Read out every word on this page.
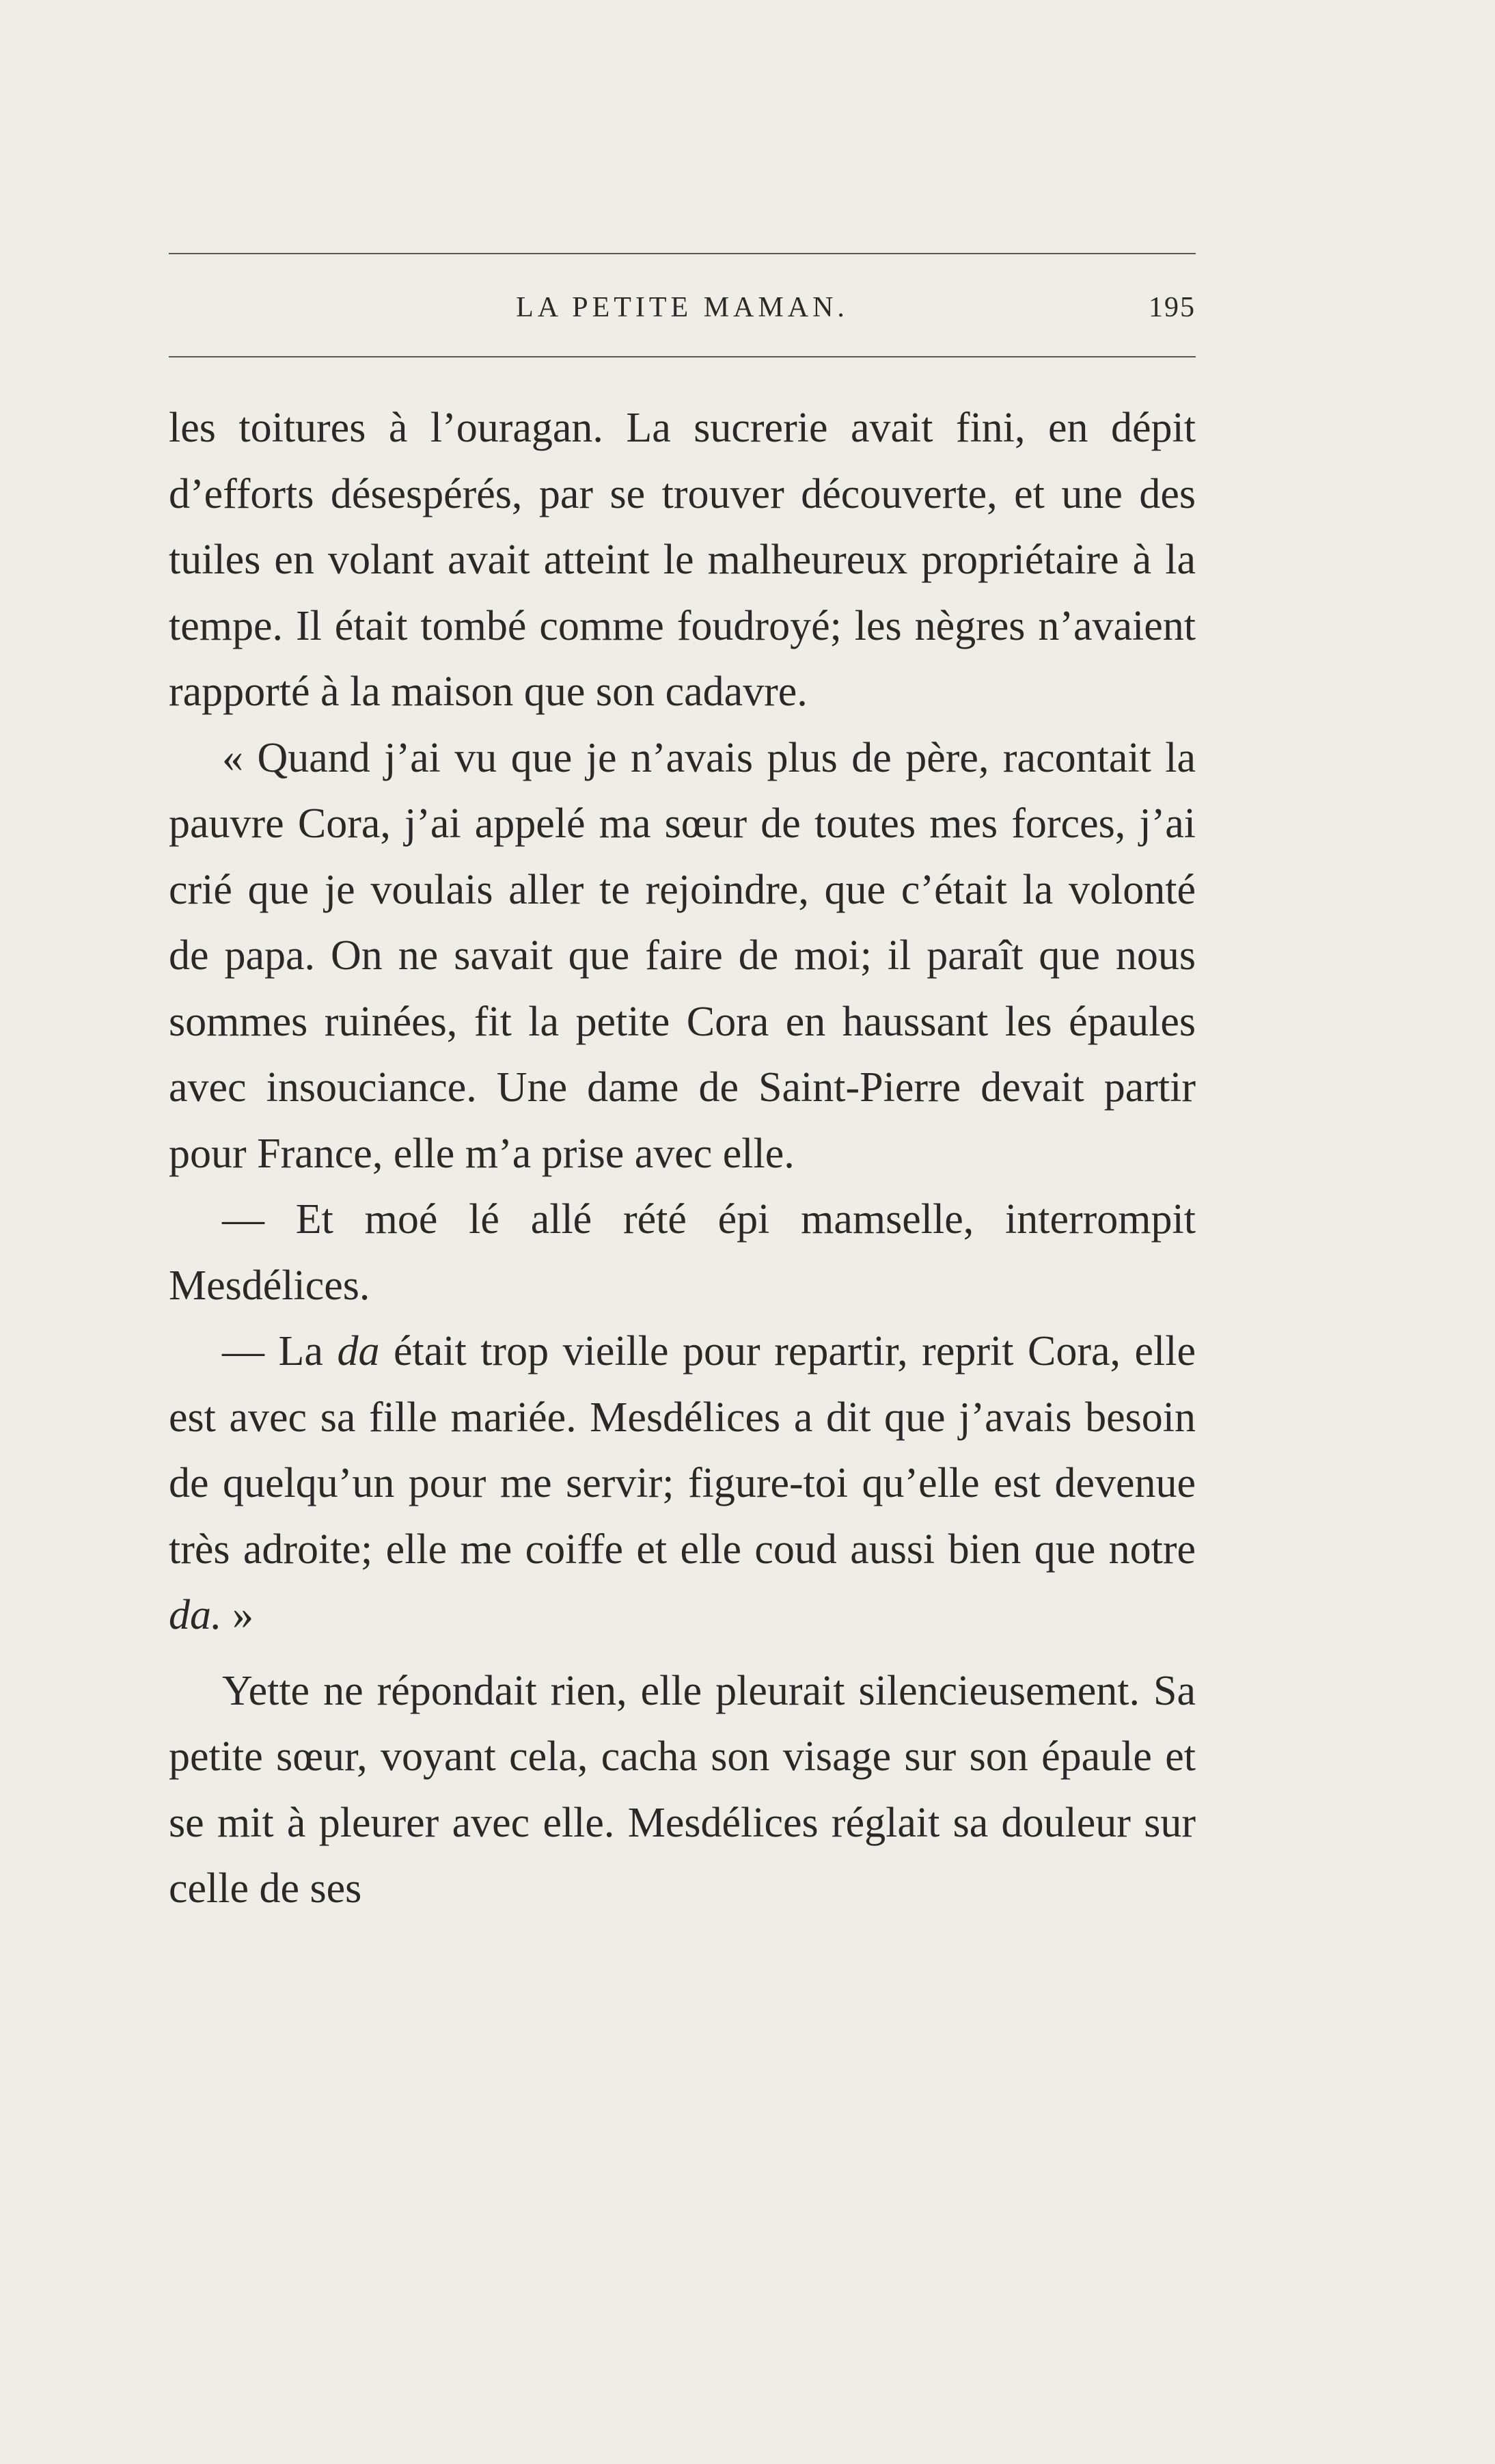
LA PETITE MAMAN.	195

les toitures à l’ouragan. La sucrerie avait fini, en dépit d’efforts désespérés, par se trouver découverte, et une des tuiles en volant avait atteint le malheureux propriétaire à la tempe. Il était tombé comme foudroyé; les nègres n’avaient rapporté à la maison que son cadavre.

« Quand j’ai vu que je n’avais plus de père, racontait la pauvre Cora, j’ai appelé ma sœur de toutes mes forces, j’ai crié que je voulais aller te rejoindre, que c’était la volonté de papa. On ne savait que faire de moi; il paraît que nous sommes ruinées, fit la petite Cora en haussant les épaules avec insouciance. Une dame de Saint-Pierre devait partir pour France, elle m’a prise avec elle.

— Et moé lé allé rété épi mamselle, interrompit Mesdélices.

— La da était trop vieille pour repartir, reprit Cora, elle est avec sa fille mariée. Mesdélices a dit que j’avais besoin de quelqu’un pour me servir; figure-toi qu’elle est devenue très adroite; elle me coiffe et elle coud aussi bien que notre da. »

Yette ne répondait rien, elle pleurait silencieusement. Sa petite sœur, voyant cela, cacha son visage sur son épaule et se mit à pleurer avec elle. Mesdélices réglait sa douleur sur celle de ses
